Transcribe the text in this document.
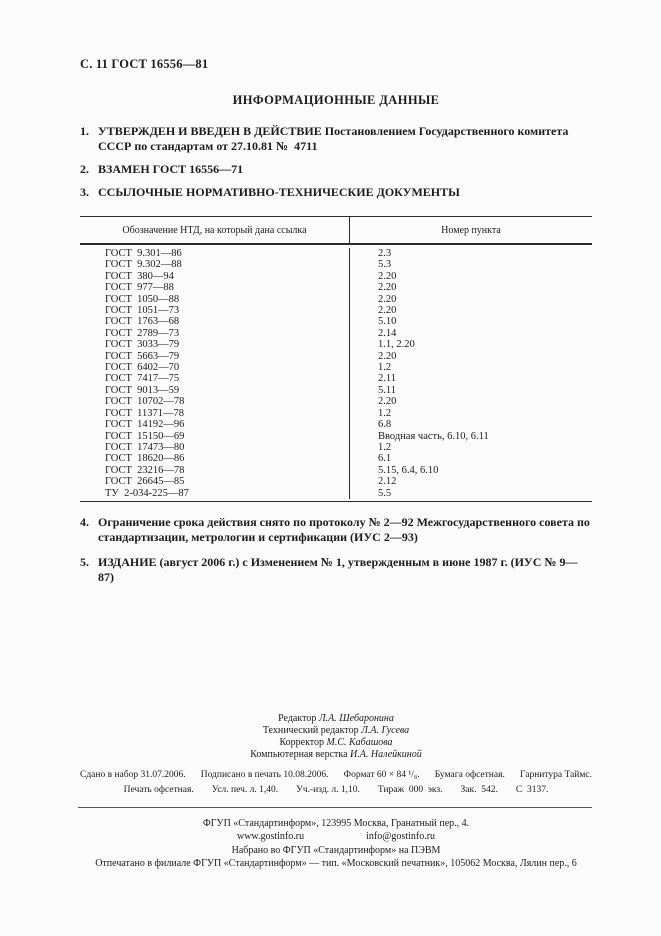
С. 11 ГОСТ 16556—81
ИНФОРМАЦИОННЫЕ ДАННЫЕ
1. УТВЕРЖДЕН И ВВЕДЕН В ДЕЙСТВИЕ Постановлением Государственного комитета СССР по стандартам от 27.10.81 №  4711
2. ВЗАМЕН ГОСТ 16556—71
3. ССЫЛОЧНЫЕ НОРМАТИВНО-ТЕХНИЧЕСКИЕ ДОКУМЕНТЫ
Обозначение НТД, на который дана ссылка	Номер пункта
ГОСТ  9.301—86	2.3
ГОСТ  9.302—88	5.3
ГОСТ  380—94	2.20
ГОСТ  977—88	2.20
ГОСТ  1050—88	2.20
ГОСТ  1051—73	2.20
ГОСТ  1763—68	5.10
ГОСТ  2789—73	2.14
ГОСТ  3033—79	1.1, 2.20
ГОСТ  5663—79	2.20
ГОСТ  6402—70	1.2
ГОСТ  7417—75	2.11
ГОСТ  9013—59	5.11
ГОСТ  10702—78	2.20
ГОСТ  11371—78	1.2
ГОСТ  14192—96	6.8
ГОСТ  15150—69	Вводная часть, 6.10, 6.11
ГОСТ  17473—80	1.2
ГОСТ  18620—86	6.1
ГОСТ  23216—78	5.15, 6.4, 6.10
ГОСТ  26645—85	2.12
ТУ  2-034-225—87	5.5
4. Ограничение срока действия снято по протоколу № 2—92 Межгосударственного совета по стандартизации, метрологии и сертификации (ИУС 2—93)
5. ИЗДАНИЕ (август 2006 г.) с Изменением № 1, утвержденным в июне 1987 г. (ИУС № 9—87)
Редактор Л.А. Шебаронина
Технический редактор Л.А. Гусева
Корректор М.С. Кабашова
Компьютерная верстка И.А. Налейкиной
Сдано в набор 31.07.2006. Подписано в печать 10.08.2006. Формат 60 × 84 ¹/₈. Бумага офсетная. Гарнитура Таймс.
Печать офсетная. Усл. печ. л. 1,40. Уч.-изд. л. 1,10. Тираж  000  экз. Зак.  542. С  3137.
ФГУП «Стандартинформ», 123995 Москва, Гранатный пер., 4.
www.gostinfo.ru	info@gostinfo.ru
Набрано во ФГУП «Стандартинформ» на ПЭВМ
Отпечатано в филиале ФГУП «Стандартинформ» — тип. «Московский печатник», 105062 Москва, Лялин пер., 6
